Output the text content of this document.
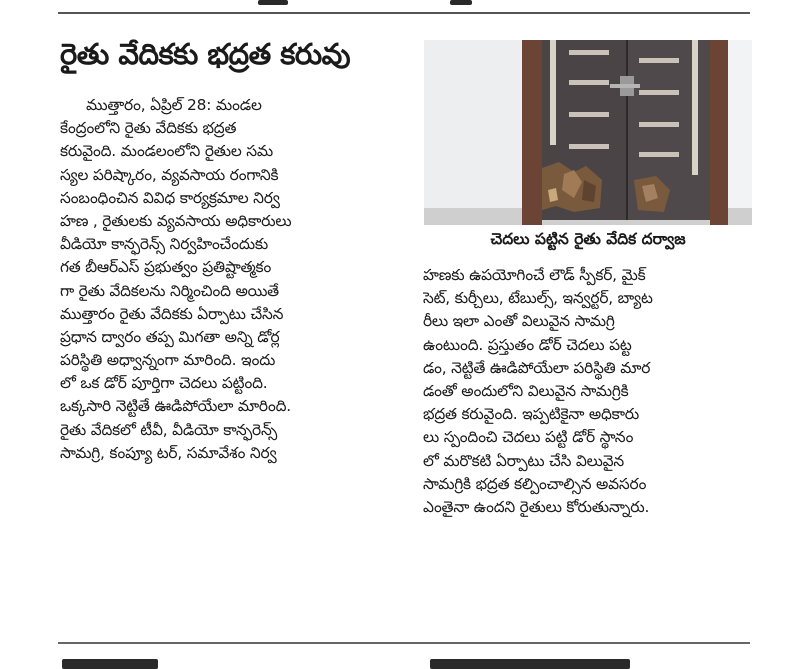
రైతు వేదికకు భద్రత కరువు
ముత్తారం, ఏప్రిల్ 28: మండల
కేంద్రంలోని రైతు వేదికకు భద్రత
కరువైంది. మండలంలోని రైతుల సమ
స్యల పరిష్కారం, వ్యవసాయ రంగానికి
సంబంధించిన వివిధ కార్యక్రమాల నిర్వ
హణ , రైతులకు వ్యవసాయ అధికారులు
వీడియో కాన్ఫరెన్స్ నిర్వహించేందుకు
గత బీఆర్ఎస్ ప్రభుత్వం ప్రతిష్టాత్మకం
గా రైతు వేదికలను నిర్మించింది అయితే
ముత్తారం రైతు వేదికకు ఏర్పాటు చేసిన
ప్రధాన ద్వారం తప్ప మిగతా అన్ని డోర్ల
పరిస్థితి అధ్వాన్నంగా మారింది. ఇందు
లో ఒక డోర్ పూర్తిగా చెదలు పట్టింది.
ఒక్కసారి నెట్టితే ఊడిపోయేలా మారింది.
రైతు వేదికలో టీవీ, వీడియో కాన్ఫరెన్స్
సామగ్రి, కంప్యూ టర్, సమావేశం నిర్వ
చెదలు పట్టిన రైతు వేదిక దర్వాజ
హణకు ఉపయోగించే లౌడ్ స్పీకర్, మైక్
సెట్, కుర్చీలు, టేబుల్స్, ఇన్వర్టర్, బ్యాట
రీలు ఇలా ఎంతో విలువైన సామగ్రి
ఉంటుంది. ప్రస్తుతం డోర్ చెదలు పట్ట
డం, నెట్టితే ఊడిపోయేలా పరిస్థితి మార
డంతో అందులోని విలువైన సామగ్రికి
భద్రత కరువైంది. ఇప్పటికైనా అధికారు
లు స్పందించి చెదలు పట్టి డోర్ స్థానం
లో మరొకటి ఏర్పాటు చేసి విలువైన
సామగ్రికి భద్రత కల్పించాల్సిన అవసరం
ఎంతైనా ఉందని రైతులు కోరుతున్నారు.
